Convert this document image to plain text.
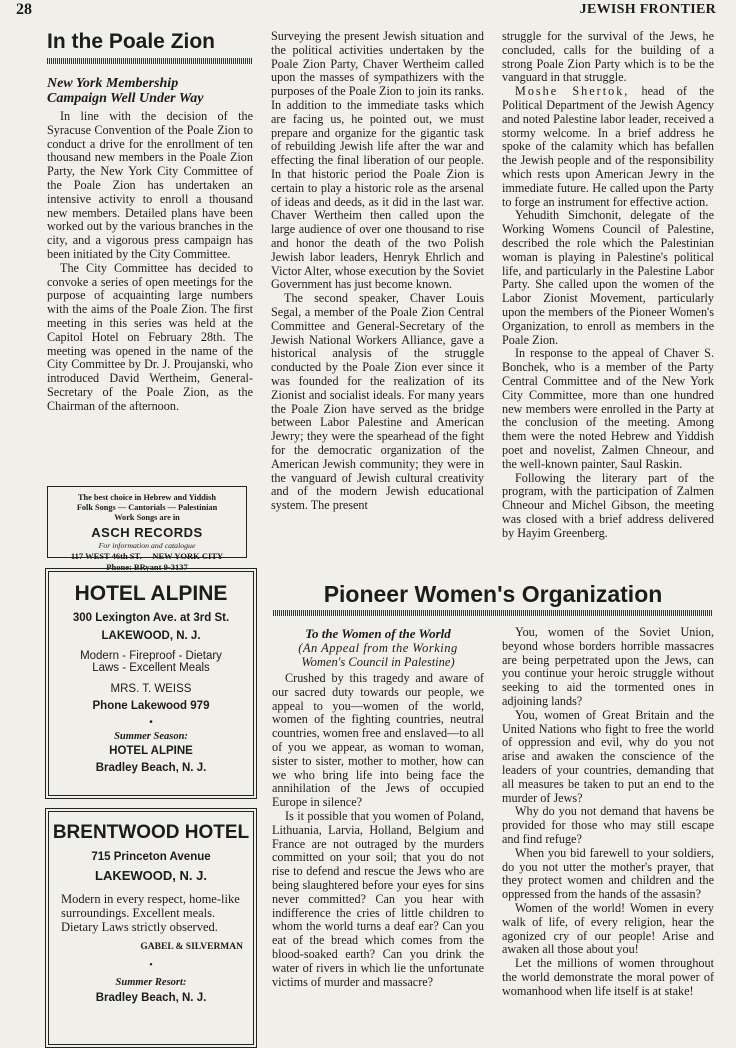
28	JEWISH FRONTIER
In the Poale Zion
New York Membership
Campaign Well Under Way

In line with the decision of the Syracuse Convention of the Poale Zion to conduct a drive for the enrollment of ten thousand new members in the Poale Zion Party, the New York City Committee of the Poale Zion has undertaken an intensive activity to enroll a thousand new members. Detailed plans have been worked out by the various branches in the city, and a vigorous press campaign has been initiated by the City Committee.

The City Committee has decided to convoke a series of open meetings for the purpose of acquainting large numbers with the aims of the Poale Zion. The first meeting in this series was held at the Capitol Hotel on February 28th. The meeting was opened in the name of the City Committee by Dr. J. Proujanski, who introduced David Wertheim, General-Secretary of the Poale Zion, as the Chairman of the afternoon.

The best choice in Hebrew and Yiddish
Folk Songs — Cantorials — Palestinian
Work Songs are in
ASCH RECORDS
For information and catalogue
117 WEST 46th ST.     NEW YORK CITY
Phone: BRyant 9-3137
HOTEL ALPINE
300 Lexington Ave. at 3rd St.
LAKEWOOD, N. J.
Modern - Fireproof - Dietary
Laws - Excellent Meals
MRS. T. WEISS
Phone Lakewood 979
•
Summer Season:
HOTEL ALPINE
Bradley Beach, N. J.
BRENTWOOD HOTEL
715 Princeton Avenue
LAKEWOOD, N. J.
Modern in every respect, home-like surroundings. Excellent meals. Dietary Laws strictly observed.
GABEL & SILVERMAN
•
Summer Resort:
Bradley Beach, N. J.

Surveying the present Jewish situation and the political activities undertaken by the Poale Zion Party, Chaver Wertheim called upon the masses of sympathizers with the purposes of the Poale Zion to join its ranks. In addition to the immediate tasks which are facing us, he pointed out, we must prepare and organize for the gigantic task of rebuilding Jewish life after the war and effecting the final liberation of our people. In that historic period the Poale Zion is certain to play a historic role as the arsenal of ideas and deeds, as it did in the last war. Chaver Wertheim then called upon the large audience of over one thousand to rise and honor the death of the two Polish Jewish labor leaders, Henryk Ehrlich and Victor Alter, whose execution by the Soviet Government has just become known.

The second speaker, Chaver Louis Segal, a member of the Poale Zion Central Committee and General-Secretary of the Jewish National Workers Alliance, gave a historical analysis of the struggle conducted by the Poale Zion ever since it was founded for the realization of its Zionist and socialist ideals. For many years the Poale Zion have served as the bridge between Labor Palestine and American Jewry; they were the spearhead of the fight for the democratic organization of the American Jewish community; they were in the vanguard of Jewish cultural creativity and of the modern Jewish educational system. The present

struggle for the survival of the Jews, he concluded, calls for the building of a strong Poale Zion Party which is to be the vanguard in that struggle.

Moshe Shertok, head of the Political Department of the Jewish Agency and noted Palestine labor leader, received a stormy welcome. In a brief address he spoke of the calamity which has befallen the Jewish people and of the responsibility which rests upon American Jewry in the immediate future. He called upon the Party to forge an instrument for effective action.

Yehudith Simchonit, delegate of the Working Womens Council of Palestine, described the role which the Palestinian woman is playing in Palestine's political life, and particularly in the Palestine Labor Party. She called upon the women of the Labor Zionist Movement, particularly upon the members of the Pioneer Women's Organization, to enroll as members in the Poale Zion.

In response to the appeal of Chaver S. Bonchek, who is a member of the Party Central Committee and of the New York City Committee, more than one hundred new members were enrolled in the Party at the conclusion of the meeting. Among them were the noted Hebrew and Yiddish poet and novelist, Zalmen Chneour, and the well-known painter, Saul Raskin.

Following the literary part of the program, with the participation of Zalmen Chneour and Michel Gibson, the meeting was closed with a brief address delivered by Hayim Greenberg.

Pioneer Women's Organization
To the Women of the World
(An Appeal from the Working
Women's Council in Palestine)

Crushed by this tragedy and aware of our sacred duty towards our people, we appeal to you—women of the world, women of the fighting countries, neutral countries, women free and enslaved—to all of you we appear, as woman to woman, sister to sister, mother to mother, how can we who bring life into being face the annihilation of the Jews of occupied Europe in silence?

Is it possible that you women of Poland, Lithuania, Larvia, Holland, Belgium and France are not outraged by the murders committed on your soil; that you do not rise to defend and rescue the Jews who are being slaughtered before your eyes for sins never committed? Can you hear with indifference the cries of little children to whom the world turns a deaf ear? Can you eat of the bread which comes from the blood-soaked earth? Can you drink the water of rivers in which lie the unfortunate victims of murder and massacre?

You, women of the Soviet Union, beyond whose borders horrible massacres are being perpetrated upon the Jews, can you continue your heroic struggle without seeking to aid the tormented ones in adjoining lands?

You, women of Great Britain and the United Nations who fight to free the world of oppression and evil, why do you not arise and awaken the conscience of the leaders of your countries, demanding that all measures be taken to put an end to the murder of Jews?

Why do you not demand that havens be provided for those who may still escape and find refuge?

When you bid farewell to your soldiers, do you not utter the mother's prayer, that they protect women and children and the oppressed from the hands of the assasin?

Women of the world! Women in every walk of life, of every religion, hear the agonized cry of our people! Arise and awaken all those about you!

Let the millions of women throughout the world demonstrate the moral power of womanhood when life itself is at stake!
